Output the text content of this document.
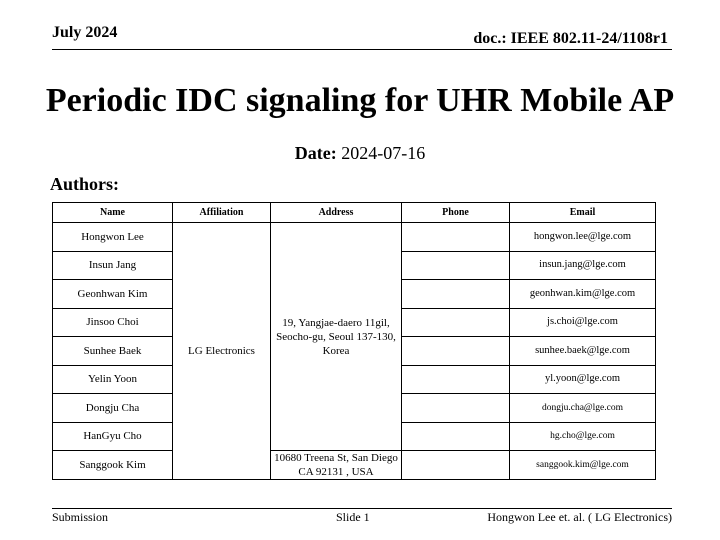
July 2024	doc.: IEEE 802.11-24/1108r1
Periodic IDC signaling for UHR Mobile AP
Date: 2024-07-16
Authors:
Name	Affiliation	Address	Phone	Email
Hongwon Lee	LG Electronics	19, Yangjae-daero 11gil, Seocho-gu, Seoul 137-130, Korea		hongwon.lee@lge.com
Insun Jang				insun.jang@lge.com
Geonhwan Kim				geonhwan.kim@lge.com
Jinsoo Choi				js.choi@lge.com
Sunhee Baek				sunhee.baek@lge.com
Yelin Yoon				yl.yoon@lge.com
Dongju Cha				dongju.cha@lge.com
HanGyu Cho				hg.cho@lge.com
Sanggook Kim		10680 Treena St, San Diego CA 92131 , USA		sanggook.kim@lge.com
Submission	Slide 1	Hongwon Lee et. al. ( LG Electronics)
